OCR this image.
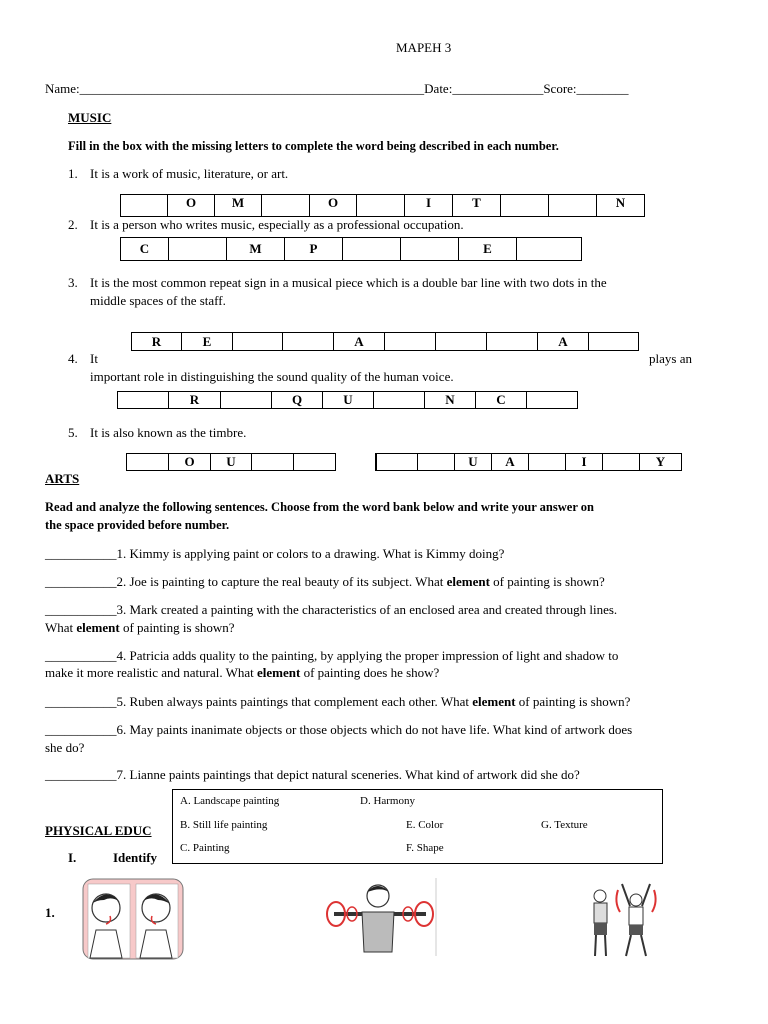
MAPEH 3
Name:_____________________________________________________Date:______________Score:________
MUSIC
Fill in the box with the missing letters to complete the word being described in each number.
1. It is a work of music, literature, or art.
O	M	O	I	T	N
2. It is a person who writes music, especially as a professional occupation.
C	M	P	E
3. It is the most common repeat sign in a musical piece which is a double bar line with two dots in the
middle spaces of the staff.
R	E	A	A
4. It	plays an
important role in distinguishing the sound quality of the human voice.
R	Q	U	N	C
5. It is also known as the timbre.
O	U	U	A	I	Y
ARTS
Read and analyze the following sentences. Choose from the word bank below and write your answer on
the space provided before number.
___________1. Kimmy is applying paint or colors to a drawing. What is Kimmy doing?
___________2. Joe is painting to capture the real beauty of its subject. What element of painting is shown?
___________3. Mark created a painting with the characteristics of an enclosed area and created through lines.
What element of painting is shown?
___________4. Patricia adds quality to the painting, by applying the proper impression of light and shadow to
make it more realistic and natural. What element of painting does he show?
___________5. Ruben always paints paintings that complement each other. What element of painting is shown?
___________6. May paints inanimate objects or those objects which do not have life. What kind of artwork does
she do?
___________7. Lianne paints paintings that depict natural sceneries. What kind of artwork did she do?
PHYSICAL EDUC
I.	Identify
A. Landscape painting	D. Harmony
B. Still life painting	E. Color	G. Texture
C. Painting	F. Shape
1.
